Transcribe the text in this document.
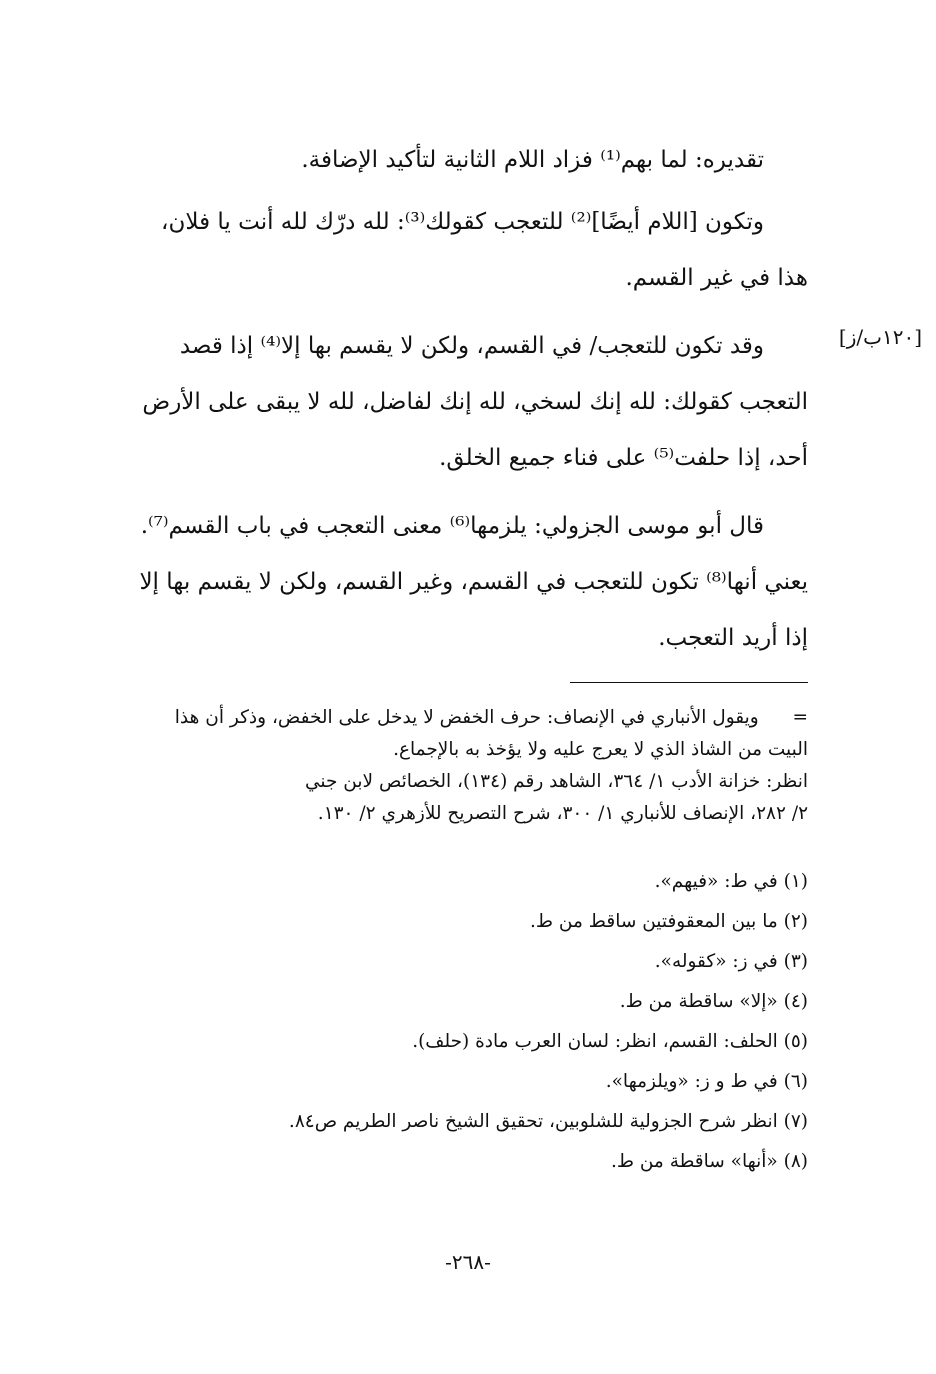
تقديره: لما بهم⁽¹⁾ فزاد اللام الثانية لتأكيد الإضافة.
وتكون [اللام أيضًا]⁽²⁾ للتعجب كقولك⁽³⁾: لله درّك لله أنت يا فلان،
هذا في غير القسم.
وقد تكون للتعجب/ في القسم، ولكن لا يقسم بها إلا⁽⁴⁾ إذا قصد
التعجب كقولك: لله إنك لسخي، لله إنك لفاضل، لله لا يبقى على الأرض
أحد، إذا حلفت⁽⁵⁾ على فناء جميع الخلق.
قال أبو موسى الجزولي: يلزمها⁽⁶⁾ معنى التعجب في باب القسم⁽⁷⁾.
يعني أنها⁽⁸⁾ تكون للتعجب في القسم، وغير القسم، ولكن لا يقسم بها إلا
إذا أريد التعجب.
[١٢٠ب/ز]
=  ويقول الأنباري في الإنصاف: حرف الخفض لا يدخل على الخفض، وذكر أن هذا
البيت من الشاذ الذي لا يعرج عليه ولا يؤخذ به بالإجماع.
انظر: خزانة الأدب ١/ ٣٦٤، الشاهد رقم (١٣٤)، الخصائص لابن جني
٢/ ٢٨٢، الإنصاف للأنباري ١/ ٣٠٠، شرح التصريح للأزهري ٢/ ١٣٠.
(١) في ط: «فيهم».
(٢) ما بين المعقوفتين ساقط من ط.
(٣) في ز: «كقوله».
(٤) «إلا» ساقطة من ط.
(٥) الحلف: القسم، انظر: لسان العرب مادة (حلف).
(٦) في ط و ز: «ويلزمها».
(٧) انظر شرح الجزولية للشلوبين، تحقيق الشيخ ناصر الطريم ص٨٤.
(٨) «أنها» ساقطة من ط.
-٢٦٨-
